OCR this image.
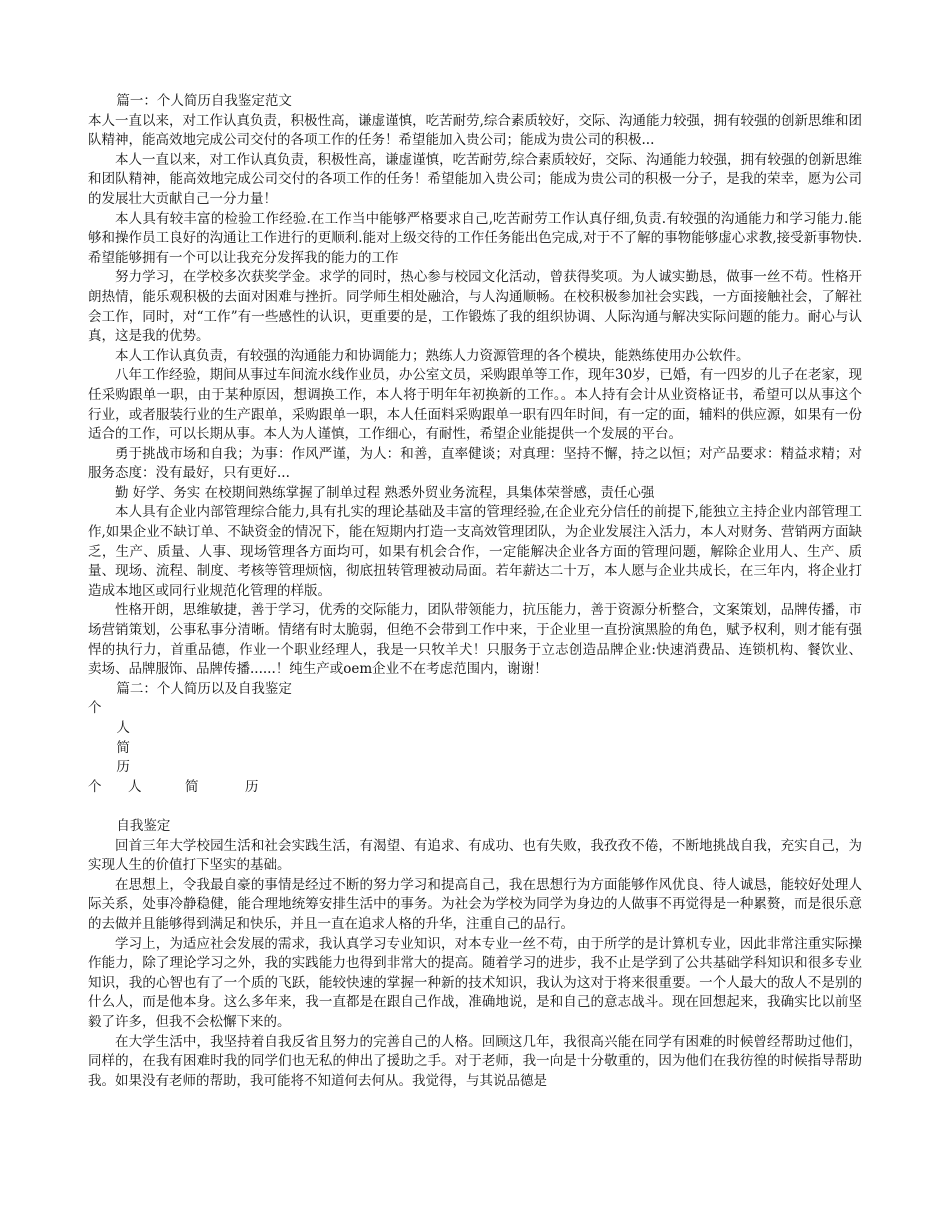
篇一：个人简历自我鉴定范文

本人一直以来，对工作认真负责，积极性高，谦虚谨慎，吃苦耐劳,综合素质较好，交际、沟通能力较强，拥有较强的创新思维和团队精神，能高效地完成公司交付的各项工作的任务！希望能加入贵公司；能成为贵公司的积极...

本人一直以来，对工作认真负责，积极性高，谦虚谨慎，吃苦耐劳,综合素质较好，交际、沟通能力较强，拥有较强的创新思维和团队精神，能高效地完成公司交付的各项工作的任务！希望能加入贵公司；能成为贵公司的积极一分子，是我的荣幸，愿为公司的发展壮大贡献自己一分力量！

本人具有较丰富的检验工作经验.在工作当中能够严格要求自己,吃苦耐劳工作认真仔细,负责.有较强的沟通能力和学习能力.能够和操作员工良好的沟通让工作进行的更顺利.能对上级交待的工作任务能出色完成,对于不了解的事物能够虚心求教,接受新事物快.希望能够拥有一个可以让我充分发挥我的能力的工作

努力学习，在学校多次获奖学金。求学的同时，热心参与校园文化活动，曾获得奖项。为人诚实勤恳，做事一丝不苟。性格开朗热情，能乐观积极的去面对困难与挫折。同学师生相处融洽，与人沟通顺畅。在校积极参加社会实践，一方面接触社会，了解社会工作，同时，对“工作”有一些感性的认识，更重要的是，工作锻炼了我的组织协调、人际沟通与解决实际问题的能力。耐心与认真，这是我的优势。

本人工作认真负责，有较强的沟通能力和协调能力；熟练人力资源管理的各个模块，能熟练使用办公软件。

八年工作经验，期间从事过车间流水线作业员，办公室文员，采购跟单等工作，现年30岁，已婚，有一四岁的儿子在老家，现任采购跟单一职，由于某种原因，想调换工作，本人将于明年年初换新的工作。。本人持有会计从业资格证书，希望可以从事这个行业，或者服装行业的生产跟单，采购跟单一职，本人任面料采购跟单一职有四年时间，有一定的面，辅料的供应源，如果有一份适合的工作，可以长期从事。本人为人谨慎，工作细心，有耐性，希望企业能提供一个发展的平台。

勇于挑战市场和自我；为事：作风严谨，为人：和善，直率健谈；对真理：坚持不懈，持之以恒；对产品要求：精益求精；对服务态度：没有最好，只有更好...

勤 好学、务实 在校期间熟练掌握了制单过程 熟悉外贸业务流程，具集体荣誉感，责任心强

本人具有企业内部管理综合能力,具有扎实的理论基础及丰富的管理经验,在企业充分信任的前提下,能独立主持企业内部管理工作,如果企业不缺订单、不缺资金的情况下，能在短期内打造一支高效管理团队，为企业发展注入活力，本人对财务、营销两方面缺乏，生产、质量、人事、现场管理各方面均可，如果有机会合作，一定能解决企业各方面的管理问题，解除企业用人、生产、质量、现场、流程、制度、考核等管理烦恼，彻底扭转管理被动局面。若年薪达二十万，本人愿与企业共成长，在三年内，将企业打造成本地区或同行业规范化管理的样版。

性格开朗，思维敏捷，善于学习，优秀的交际能力，团队带领能力，抗压能力，善于资源分析整合，文案策划，品牌传播，市场营销策划，公事私事分清晰。情绪有时太脆弱，但绝不会带到工作中来，于企业里一直扮演黑脸的角色，赋予权利，则才能有强悍的执行力，首重品德，作业一个职业经理人，我是一只牧羊犬！只服务于立志创造品牌企业:快速消费品、连锁机构、餐饮业、卖场、品牌服饰、品牌传播......！纯生产或oem企业不在考虑范围内，谢谢！

篇二：个人简历以及自我鉴定

个

人

简

历

个 人	简	历

自我鉴定

回首三年大学校园生活和社会实践生活，有渴望、有追求、有成功、也有失败，我孜孜不倦，不断地挑战自我，充实自己，为实现人生的价值打下坚实的基础。

在思想上，令我最自豪的事情是经过不断的努力学习和提高自己，我在思想行为方面能够作风优良、待人诚恳，能较好处理人际关系，处事冷静稳健，能合理地统筹安排生活中的事务。为社会为学校为同学为身边的人做事不再觉得是一种累赘，而是很乐意的去做并且能够得到满足和快乐，并且一直在追求人格的升华，注重自己的品行。

学习上，为适应社会发展的需求，我认真学习专业知识，对本专业一丝不苟，由于所学的是计算机专业，因此非常注重实际操作能力，除了理论学习之外，我的实践能力也得到非常大的提高。随着学习的进步，我不止是学到了公共基础学科知识和很多专业知识，我的心智也有了一个质的飞跃，能较快速的掌握一种新的技术知识，我认为这对于将来很重要。一个人最大的敌人不是别的什么人，而是他本身。这么多年来，我一直都是在跟自己作战，准确地说，是和自己的意志战斗。现在回想起来，我确实比以前坚毅了许多，但我不会松懈下来的。

在大学生活中，我坚持着自我反省且努力的完善自己的人格。回顾这几年，我很高兴能在同学有困难的时候曾经帮助过他们，同样的，在我有困难时我的同学们也无私的伸出了援助之手。对于老师，我一向是十分敬重的，因为他们在我彷徨的时候指导帮助我。如果没有老师的帮助，我可能将不知道何去何从。我觉得，与其说品德是
